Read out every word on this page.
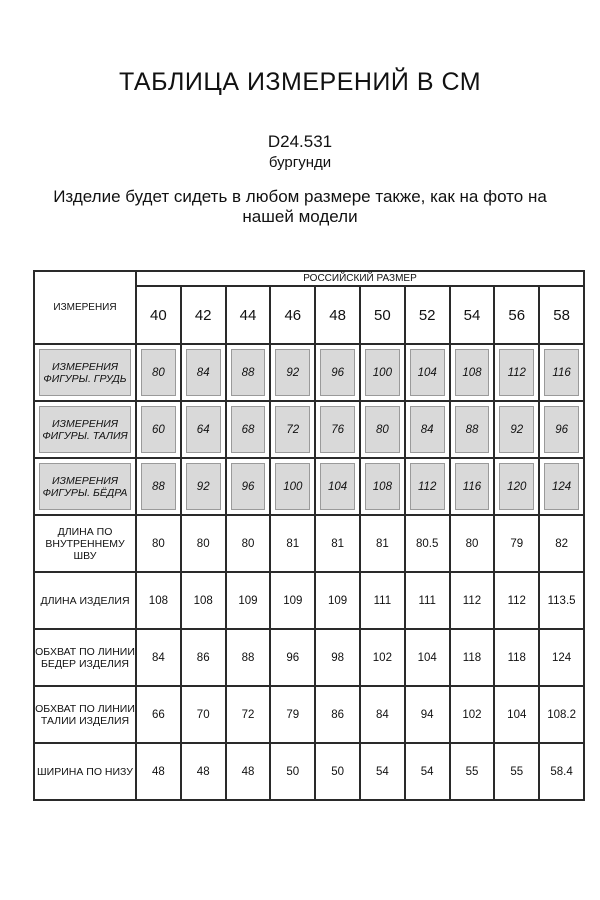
ТАБЛИЦА ИЗМЕРЕНИЙ В СМ
D24.531
бургунди
Изделие будет сидеть в любом размере также, как на фото на нашей модели
ИЗМЕРЕНИЯ	РОССИЙСКИЙ РАЗМЕР									
	40	42	44	46	48	50	52	54	56	58
ИЗМЕРЕНИЯ ФИГУРЫ. ГРУДЬ	80	84	88	92	96	100	104	108	112	116
ИЗМЕРЕНИЯ ФИГУРЫ. ТАЛИЯ	60	64	68	72	76	80	84	88	92	96
ИЗМЕРЕНИЯ ФИГУРЫ. БЁДРА	88	92	96	100	104	108	112	116	120	124
ДЛИНА ПО ВНУТРЕННЕМУ ШВУ	80	80	80	81	81	81	80.5	80	79	82
ДЛИНА ИЗДЕЛИЯ	108	108	109	109	109	111	111	112	112	113.5
ОБХВАТ ПО ЛИНИИ БЕДЕР ИЗДЕЛИЯ	84	86	88	96	98	102	104	118	118	124
ОБХВАТ ПО ЛИНИИ ТАЛИИ ИЗДЕЛИЯ	66	70	72	79	86	84	94	102	104	108.2
ШИРИНА ПО НИЗУ	48	48	48	50	50	54	54	55	55	58.4
